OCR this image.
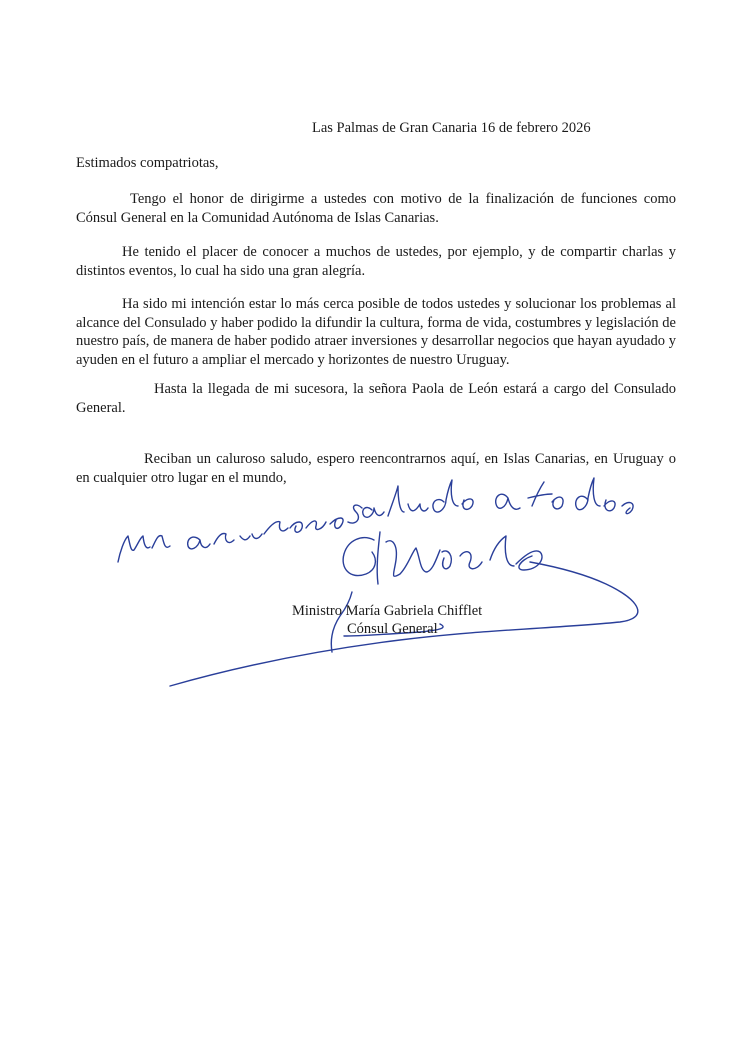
Las Palmas de Gran Canaria 16 de febrero 2026
Estimados compatriotas,

Tengo el honor de dirigirme a ustedes con motivo de la finalización de funciones como Cónsul General en la Comunidad Autónoma de Islas Canarias.

He tenido el placer de conocer a muchos de ustedes, por ejemplo, y de compartir charlas y distintos eventos, lo cual ha sido una gran alegría.

Ha sido mi intención estar lo más cerca posible de todos ustedes y solucionar los problemas al alcance del Consulado y haber podido la difundir la cultura, forma de vida, costumbres y legislación de nuestro país, de manera de haber podido atraer inversiones y desarrollar negocios que hayan ayudado y ayuden en el futuro a ampliar el mercado y horizontes de nuestro Uruguay.

Hasta la llegada de mi sucesora, la señora Paola de León estará a cargo del Consulado General.

Reciban un caluroso saludo, espero reencontrarnos aquí, en Islas Canarias, en Uruguay o en cualquier otro lugar en el mundo,

Ministro María Gabriela Chifflet
Cónsul General
